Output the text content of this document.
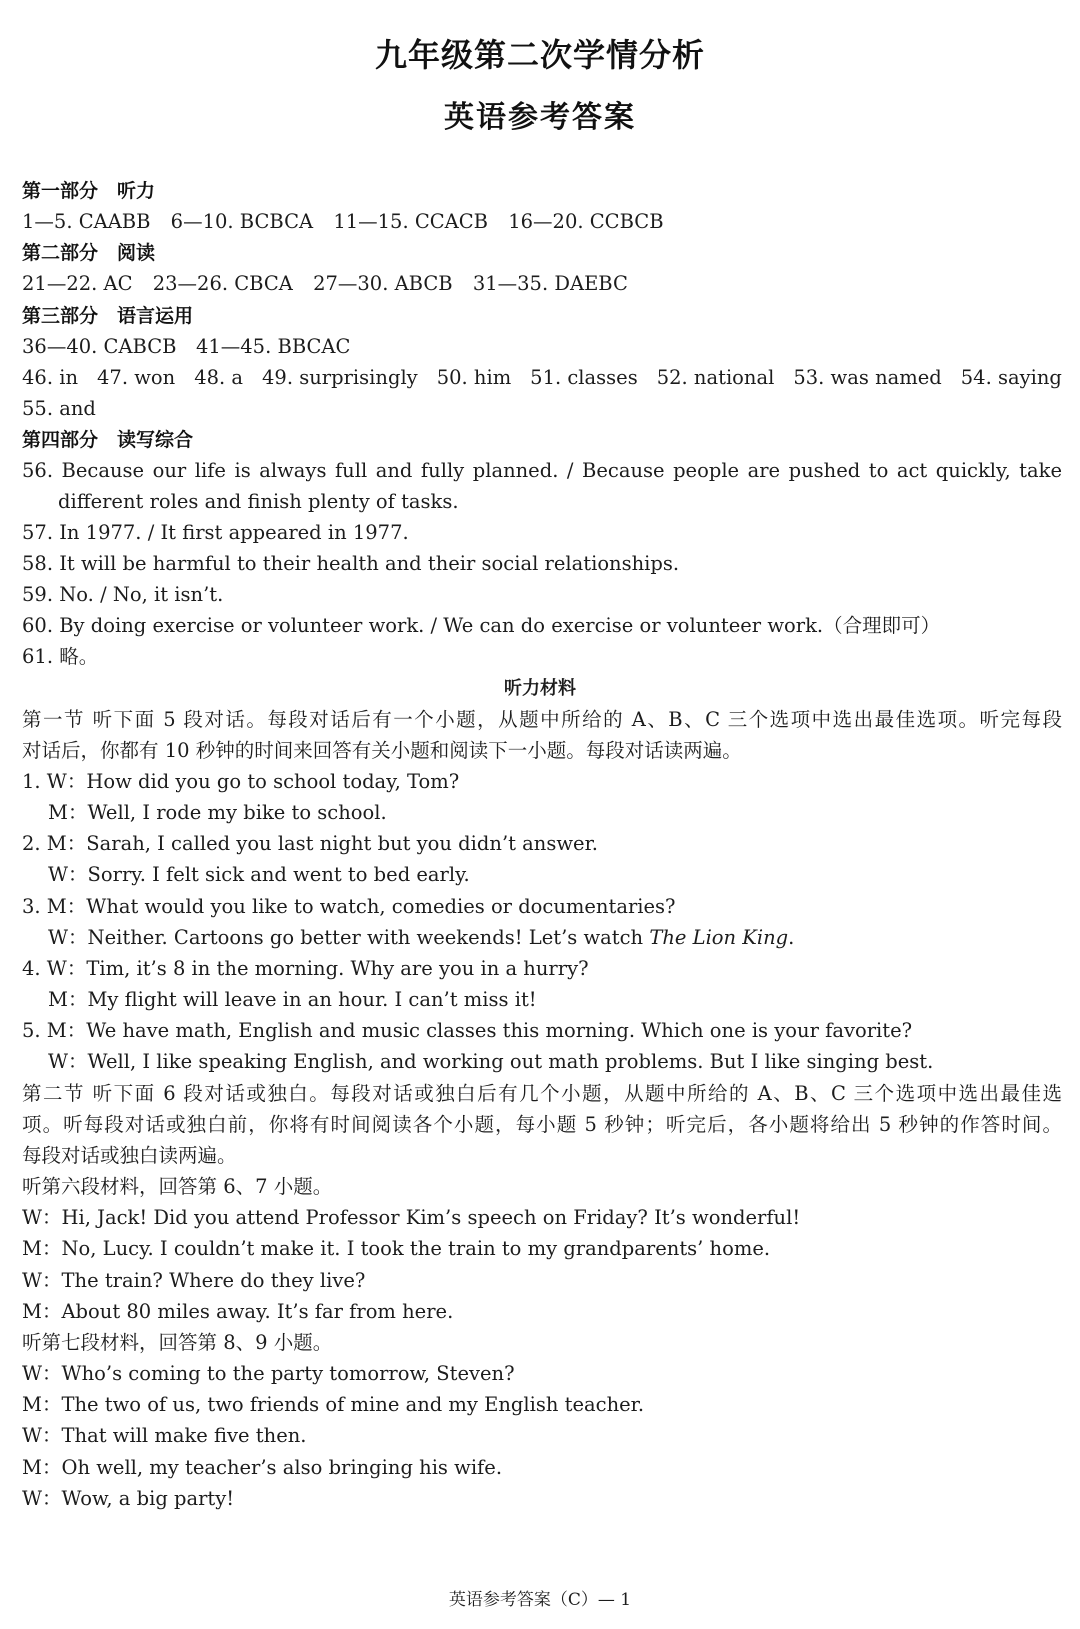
九年级第二次学情分析
英语参考答案
第一部分　听力
1—5. CAABB 6—10. BCBCA 11—15. CCACB 16—20. CCBCB
第二部分　阅读
21—22. AC 23—26. CBCA 27—30. ABCB 31—35. DAEBC
第三部分　语言运用
36—40. CABCB　41—45. BBCAC
46. in 47. won 48. a 49. surprisingly 50. him 51. classes 52. national 53. was named 54. saying
55. and
第四部分　读写综合
56. Because our life is always full and fully planned. / Because people are pushed to act quickly, take
different roles and finish plenty of tasks.
57. In 1977. / It first appeared in 1977.
58. It will be harmful to their health and their social relationships.
59. No. / No, it isn’t.
60. By doing exercise or volunteer work. / We can do exercise or volunteer work.（合理即可）
61. 略。
听力材料
第一节 听下面 5 段对话。每段对话后有一个小题，从题中所给的 A、B、C 三个选项中选出最佳选项。听完每段
对话后，你都有 10 秒钟的时间来回答有关小题和阅读下一小题。每段对话读两遍。
1. W：How did you go to school today, Tom?
M：Well, I rode my bike to school.
2. M：Sarah, I called you last night but you didn’t answer.
W：Sorry. I felt sick and went to bed early.
3. M：What would you like to watch, comedies or documentaries?
W：Neither. Cartoons go better with weekends! Let’s watch The Lion King.
4. W：Tim, it’s 8 in the morning. Why are you in a hurry?
M：My flight will leave in an hour. I can’t miss it!
5. M：We have math, English and music classes this morning. Which one is your favorite?
W：Well, I like speaking English, and working out math problems. But I like singing best.
第二节 听下面 6 段对话或独白。每段对话或独白后有几个小题，从题中所给的 A、B、C 三个选项中选出最佳选
项。听每段对话或独白前，你将有时间阅读各个小题，每小题 5 秒钟；听完后，各小题将给出 5 秒钟的作答时间。
每段对话或独白读两遍。
听第六段材料，回答第 6、7 小题。
W：Hi, Jack! Did you attend Professor Kim’s speech on Friday? It’s wonderful!
M：No, Lucy. I couldn’t make it. I took the train to my grandparents’ home.
W：The train? Where do they live?
M：About 80 miles away. It’s far from here.
听第七段材料，回答第 8、9 小题。
W：Who’s coming to the party tomorrow, Steven?
M：The two of us, two friends of mine and my English teacher.
W：That will make five then.
M：Oh well, my teacher’s also bringing his wife.
W：Wow, a big party!
英语参考答案（C）— 1
